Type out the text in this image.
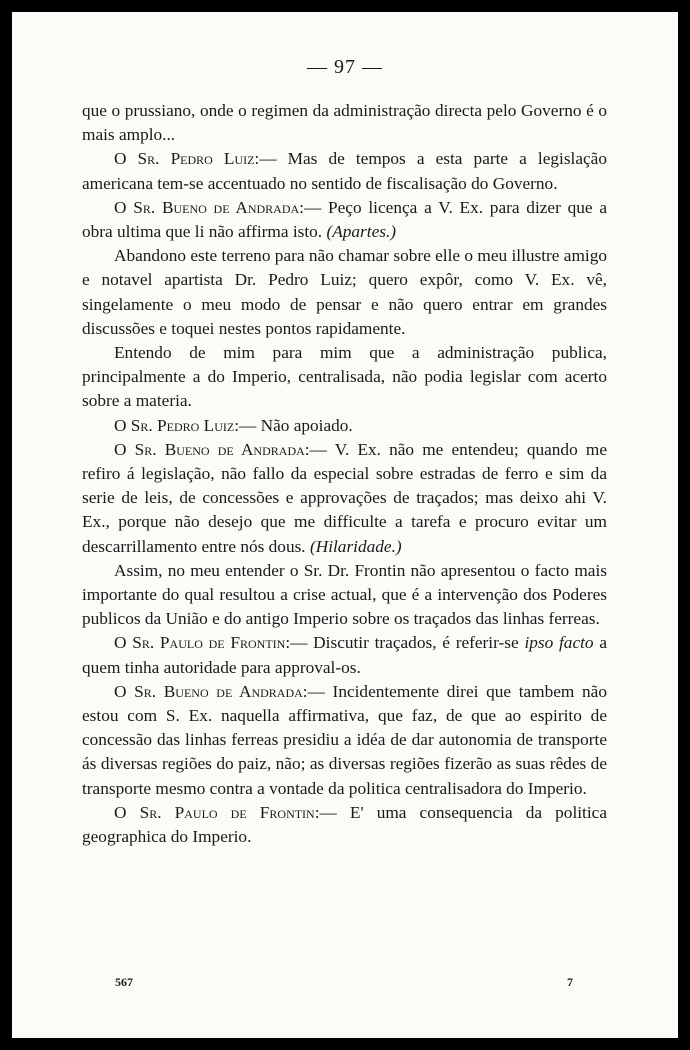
— 97 —

que o prussiano, onde o regimen da administração directa pelo Governo é o mais amplo...

O Sr. Pedro Luiz:— Mas de tempos a esta parte a legislação americana tem-se accentuado no sentido de fiscalisação do Governo.

O Sr. Bueno de Andrada:— Peço licença a V. Ex. para dizer que a obra ultima que li não affirma isto. (Apartes.)

Abandono este terreno para não chamar sobre elle o meu illustre amigo e notavel apartista Dr. Pedro Luiz; quero expôr, como V. Ex. vê, singelamente o meu modo de pensar e não quero entrar em grandes discussões e toquei nestes pontos rapidamente.

Entendo de mim para mim que a administração publica, principalmente a do Imperio, centralisada, não podia legislar com acerto sobre a materia.

O Sr. Pedro Luiz:— Não apoiado.

O Sr. Bueno de Andrada:— V. Ex. não me entendeu; quando me refiro á legislação, não fallo da especial sobre estradas de ferro e sim da serie de leis, de concessões e approvações de traçados; mas deixo ahi V. Ex., porque não desejo que me difficulte a tarefa e procuro evitar um descarrillamento entre nós dous. (Hilaridade.)

Assim, no meu entender o Sr. Dr. Frontin não apresentou o facto mais importante do qual resultou a crise actual, que é a intervenção dos Poderes publicos da União e do antigo Imperio sobre os traçados das linhas ferreas.

O Sr. Paulo de Frontin:— Discutir traçados, é referir-se ipso facto a quem tinha autoridade para approval-os.

O Sr. Bueno de Andrada:— Incidentemente direi que tambem não estou com S. Ex. naquella affirmativa, que faz, de que ao espirito de concessão das linhas ferreas presidiu a idéa de dar autonomia de transporte ás diversas regiões do paiz, não; as diversas regiões fizerão as suas rêdes de transporte mesmo contra a vontade da politica centralisadora do Imperio.

O Sr. Paulo de Frontin:— E' uma consequencia da politica geographica do Imperio.

567	7
